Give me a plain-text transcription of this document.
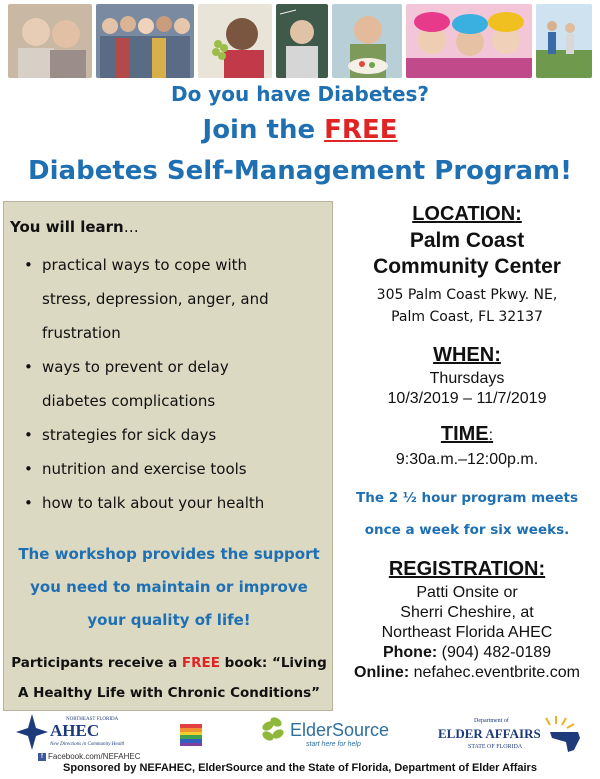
Do you have Diabetes?
Join the FREE
Diabetes Self-Management Program!
You will learn…
• practical ways to cope with
stress, depression, anger, and
frustration
• ways to prevent or delay
diabetes complications
• strategies for sick days
• nutrition and exercise tools
• how to talk about your health
The workshop provides the support
you need to maintain or improve
your quality of life!
Participants receive a FREE book: “Living
A Healthy Life with Chronic Conditions”
LOCATION:
Palm Coast
Community Center
305 Palm Coast Pkwy. NE,
Palm Coast, FL 32137
WHEN:
Thursdays
10/3/2019 – 11/7/2019
TIME:
9:30a.m.–12:00p.m.
The 2 ½ hour program meets
once a week for six weeks.
REGISTRATION:
Patti Onsite or
Sherri Cheshire, at
Northeast Florida AHEC
Phone: (904) 482-0189
Online: nefahec.eventbrite.com
NORTHEAST FLORIDA
AHEC
New Directions in Community Health
ElderSource
start here for help
Department of
ELDER AFFAIRS
STATE OF FLORIDA
f Facebook.com/NEFAHEC
Sponsored by NEFAHEC, ElderSource and the State of Florida, Department of Elder Affairs
